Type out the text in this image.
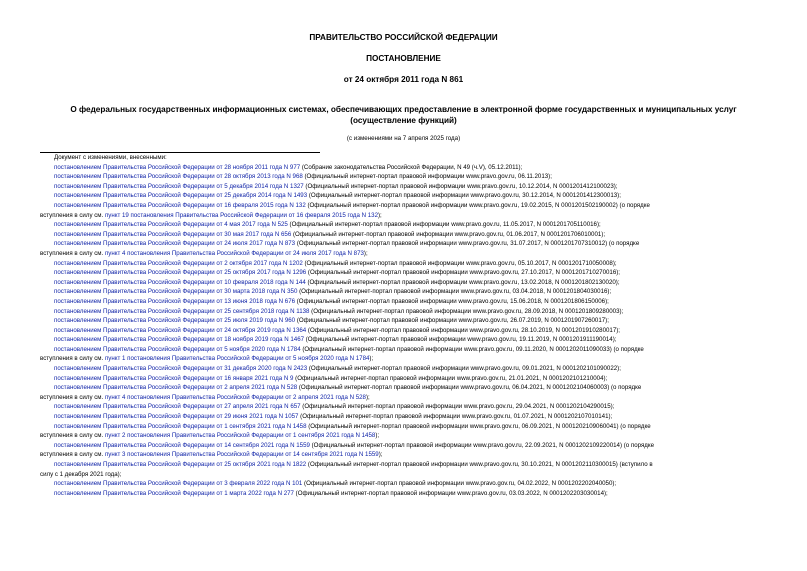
ПРАВИТЕЛЬСТВО РОССИЙСКОЙ ФЕДЕРАЦИИ
ПОСТАНОВЛЕНИЕ
от 24 октября 2011 года N 861
О федеральных государственных информационных системах, обеспечивающих предоставление в электронной форме государственных и муниципальных услуг
(осуществление функций)
(с изменениями на 7 апреля 2025 года)
Документ с изменениями, внесенными:
постановлением Правительства Российской Федерации от 28 ноября 2011 года N 977 (Собрание законодательства Российской Федерации, N 49 (ч.V), 05.12.2011);
постановлением Правительства Российской Федерации от 28 октября 2013 года N 968 (Официальный интернет-портал правовой информации www.pravo.gov.ru, 06.11.2013);
постановлением Правительства Российской Федерации от 5 декабря 2014 года N 1327 (Официальный интернет-портал правовой информации www.pravo.gov.ru, 10.12.2014, N 0001201412100023);
постановлением Правительства Российской Федерации от 25 декабря 2014 года N 1493 (Официальный интернет-портал правовой информации www.pravo.gov.ru, 30.12.2014, N 0001201412300013);
постановлением Правительства Российской Федерации от 16 февраля 2015 года N 132 (Официальный интернет-портал правовой информации www.pravo.gov.ru, 19.02.2015, N 0001201502190002) (о порядке
вступления в силу см. пункт 19 постановления Правительства Российской Федерации от 16 февраля 2015 года N 132);
постановлением Правительства Российской Федерации от 4 мая 2017 года N 525 (Официальный интернет-портал правовой информации www.pravo.gov.ru, 11.05.2017, N 0001201705110016);
постановлением Правительства Российской Федерации от 30 мая 2017 года N 656 (Официальный интернет-портал правовой информации www.pravo.gov.ru, 01.06.2017, N 0001201706010001);
постановлением Правительства Российской Федерации от 24 июля 2017 года N 873 (Официальный интернет-портал правовой информации www.pravo.gov.ru, 31.07.2017, N 0001201707310012) (о порядке
вступления в силу см. пункт 4 постановления Правительства Российской Федерации от 24 июля 2017 года N 873);
постановлением Правительства Российской Федерации от 2 октября 2017 года N 1202 (Официальный интернет-портал правовой информации www.pravo.gov.ru, 05.10.2017, N 0001201710050008);
постановлением Правительства Российской Федерации от 25 октября 2017 года N 1296 (Официальный интернет-портал правовой информации www.pravo.gov.ru, 27.10.2017, N 0001201710270016);
постановлением Правительства Российской Федерации от 10 февраля 2018 года N 144 (Официальный интернет-портал правовой информации www.pravo.gov.ru, 13.02.2018, N 0001201802130020);
постановлением Правительства Российской Федерации от 30 марта 2018 года N 350 (Официальный интернет-портал правовой информации www.pravo.gov.ru, 03.04.2018, N 0001201804030016);
постановлением Правительства Российской Федерации от 13 июня 2018 года N 676 (Официальный интернет-портал правовой информации www.pravo.gov.ru, 15.06.2018, N 0001201806150006);
постановлением Правительства Российской Федерации от 25 сентября 2018 года N 1138 (Официальный интернет-портал правовой информации www.pravo.gov.ru, 28.09.2018, N 0001201809280003);
постановлением Правительства Российской Федерации от 25 июля 2019 года N 960 (Официальный интернет-портал правовой информации www.pravo.gov.ru, 26.07.2019, N 0001201907260017);
постановлением Правительства Российской Федерации от 24 октября 2019 года N 1364 (Официальный интернет-портал правовой информации www.pravo.gov.ru, 28.10.2019, N 0001201910280017);
постановлением Правительства Российской Федерации от 18 ноября 2019 года N 1467 (Официальный интернет-портал правовой информации www.pravo.gov.ru, 19.11.2019, N 0001201911190014);
постановлением Правительства Российской Федерации от 5 ноября 2020 года N 1784 (Официальный интернет-портал правовой информации www.pravo.gov.ru, 09.11.2020, N 0001202011090033) (о порядке
вступления в силу см. пункт 1 постановления Правительства Российской Федерации от 5 ноября 2020 года N 1784);
постановлением Правительства Российской Федерации от 31 декабря 2020 года N 2423 (Официальный интернет-портал правовой информации www.pravo.gov.ru, 09.01.2021, N 0001202101090022);
постановлением Правительства Российской Федерации от 16 января 2021 года N 9 (Официальный интернет-портал правовой информации www.pravo.gov.ru, 21.01.2021, N 0001202101210004);
постановлением Правительства Российской Федерации от 2 апреля 2021 года N 528 (Официальный интернет-портал правовой информации www.pravo.gov.ru, 06.04.2021, N 0001202104060003) (о порядке
вступления в силу см. пункт 4 постановления Правительства Российской Федерации от 2 апреля 2021 года N 528);
постановлением Правительства Российской Федерации от 27 апреля 2021 года N 657 (Официальный интернет-портал правовой информации www.pravo.gov.ru, 29.04.2021, N 0001202104290015);
постановлением Правительства Российской Федерации от 29 июня 2021 года N 1057 (Официальный интернет-портал правовой информации www.pravo.gov.ru, 01.07.2021, N 0001202107010141);
постановлением Правительства Российской Федерации от 1 сентября 2021 года N 1458 (Официальный интернет-портал правовой информации www.pravo.gov.ru, 06.09.2021, N 0001202109060041) (о порядке
вступления в силу см. пункт 2 постановления Правительства Российской Федерации от 1 сентября 2021 года N 1458);
постановлением Правительства Российской Федерации от 14 сентября 2021 года N 1559 (Официальный интернет-портал правовой информации www.pravo.gov.ru, 22.09.2021, N 0001202109220014) (о порядке
вступления в силу см. пункт 3 постановления Правительства Российской Федерации от 14 сентября 2021 года N 1559);
постановлением Правительства Российской Федерации от 25 октября 2021 года N 1822 (Официальный интернет-портал правовой информации www.pravo.gov.ru, 30.10.2021, N 0001202110300015) (вступило в
силу с 1 декабря 2021 года);
постановлением Правительства Российской Федерации от 3 февраля 2022 года N 101 (Официальный интернет-портал правовой информации www.pravo.gov.ru, 04.02.2022, N 0001202202040050);
постановлением Правительства Российской Федерации от 1 марта 2022 года N 277 (Официальный интернет-портал правовой информации www.pravo.gov.ru, 03.03.2022, N 0001202203030014);
